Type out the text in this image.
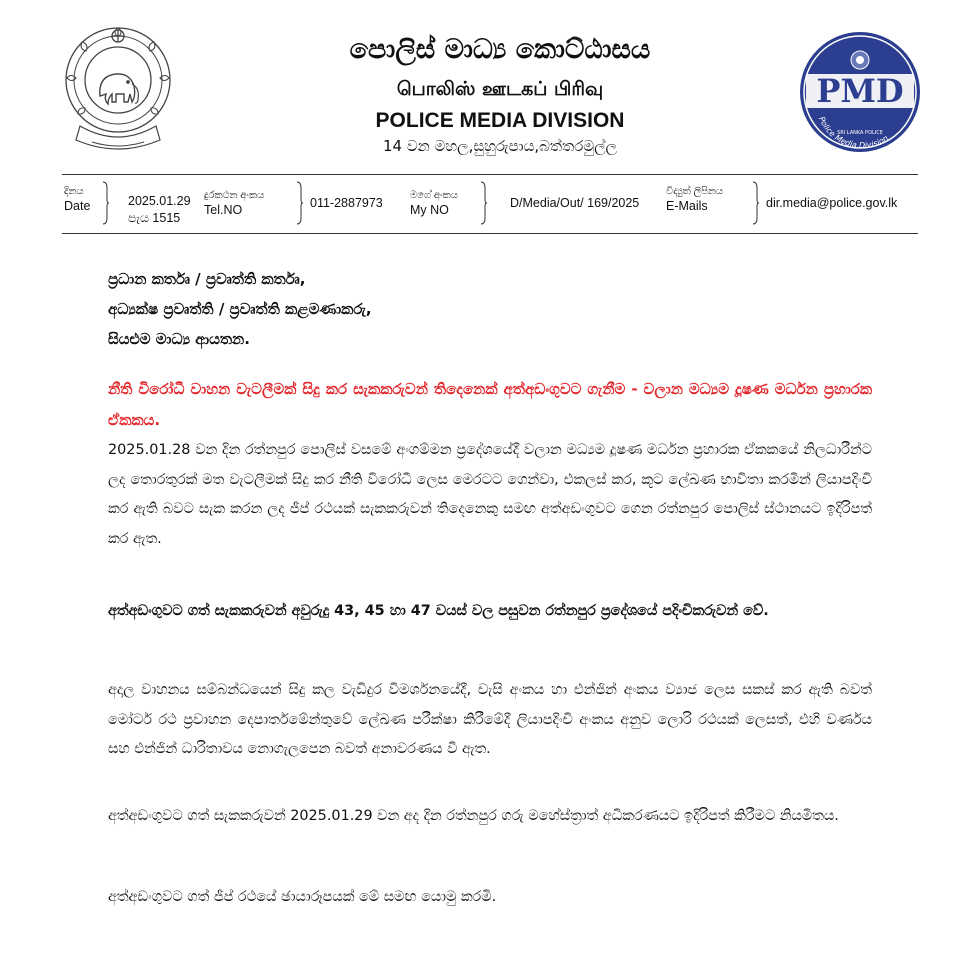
පොලිස් මාධ්‍ය කොට්ඨාසය
பொலிஸ் ஊடகப் பிரிவு
POLICE MEDIA DIVISION
14 වන මහල,සුහුරුපාය,බත්තරමුල්ල
PMD
Police Media Division
SRI LANKA POLICE
දිනය
Date	2025.01.29
පැය 1515
දුරකථන අංකය
Tel.NO	011-2887973
මගේ අංකය
My NO	D/Media/Out/ 169/2025
විද්‍යුත් ලිපිනය
E-Mails	dir.media@police.gov.lk
ප්‍රධාන කර්තෘ / ප්‍රවෘත්ති කර්තෘ,
අධ්‍යක්ෂ ප්‍රවෘත්ති / ප්‍රවෘත්ති කළමණාකරු,
සියළුම මාධ්‍ය ආයතන.
නීති විරෝධී වාහන වැටලීමක් සිදු කර සැකකරුවන් තිදෙනෙක් අත්අඩංගුවට ගැනීම - වලාන මධ්‍යම දූෂණ මර්ධන ප්‍රහාරක ඒකකය.
2025.01.28 වන දින රත්නපුර පොලිස් වසමේ අංගම්මන ප්‍රදේශයේදී වලාන මධ්‍යම දූෂණ මර්ධන ප්‍රහාරක ඒකකයේ නිලධාරීන්ට ලද තොරතුරක් මත වැටලීමක් සිදු කර නීති විරෝධී ලෙස මෙරටට ගෙන්වා, එකලස් කර, කූට ලේඛණ භාවිතා කරමින් ලියාපදිංචි කර ඇති බවට සැක කරන ලද ජීප් රථයක් සැකකරුවන් තිදෙනෙකු සමඟ අත්අඩංගුවට ගෙන රත්නපුර පොලිස් ස්ථානයට ඉදිරිපත් කර ඇත.
අත්අඩංගුවට ගත් සැකකරුවන් අවුරුදු 43, 45 හා 47 වයස් වල පසුවන රත්නපුර ප්‍රදේශයේ පදිංචිකරුවන් වේ.
අදාල වාහනය සම්බන්ධයෙන් සිදු කල වැඩිදුර විමර්ශනයේදී, චැසි අංකය හා එන්ජින් අංකය ව්‍යාජ ලෙස සකස් කර ඇති බවත් මෝටර් රථ ප්‍රවාහන දෙපාර්තමේන්තුවේ ලේඛණ පරීක්ෂා කිරීමේදී ලියාපදිංචි අංකය අනුව ලොරි රථයක් ලෙසත්, එහි වර්ණය සහ එන්ජින් ධාරිතාවය නොගැලපෙන බවත් අනාවරණය වී ඇත.
අත්අඩංගුවට ගත් සැකකරුවන් 2025.01.29 වන අද දින රත්නපුර ගරු මහේස්ත්‍රාත් අධිකරණයට ඉදිරිපත් කිරීමට නියමිතය.
අත්අඩංගුවට ගත් ජීප් රථයේ ඡායාරූපයක් මේ සමඟ යොමු කරමි.
